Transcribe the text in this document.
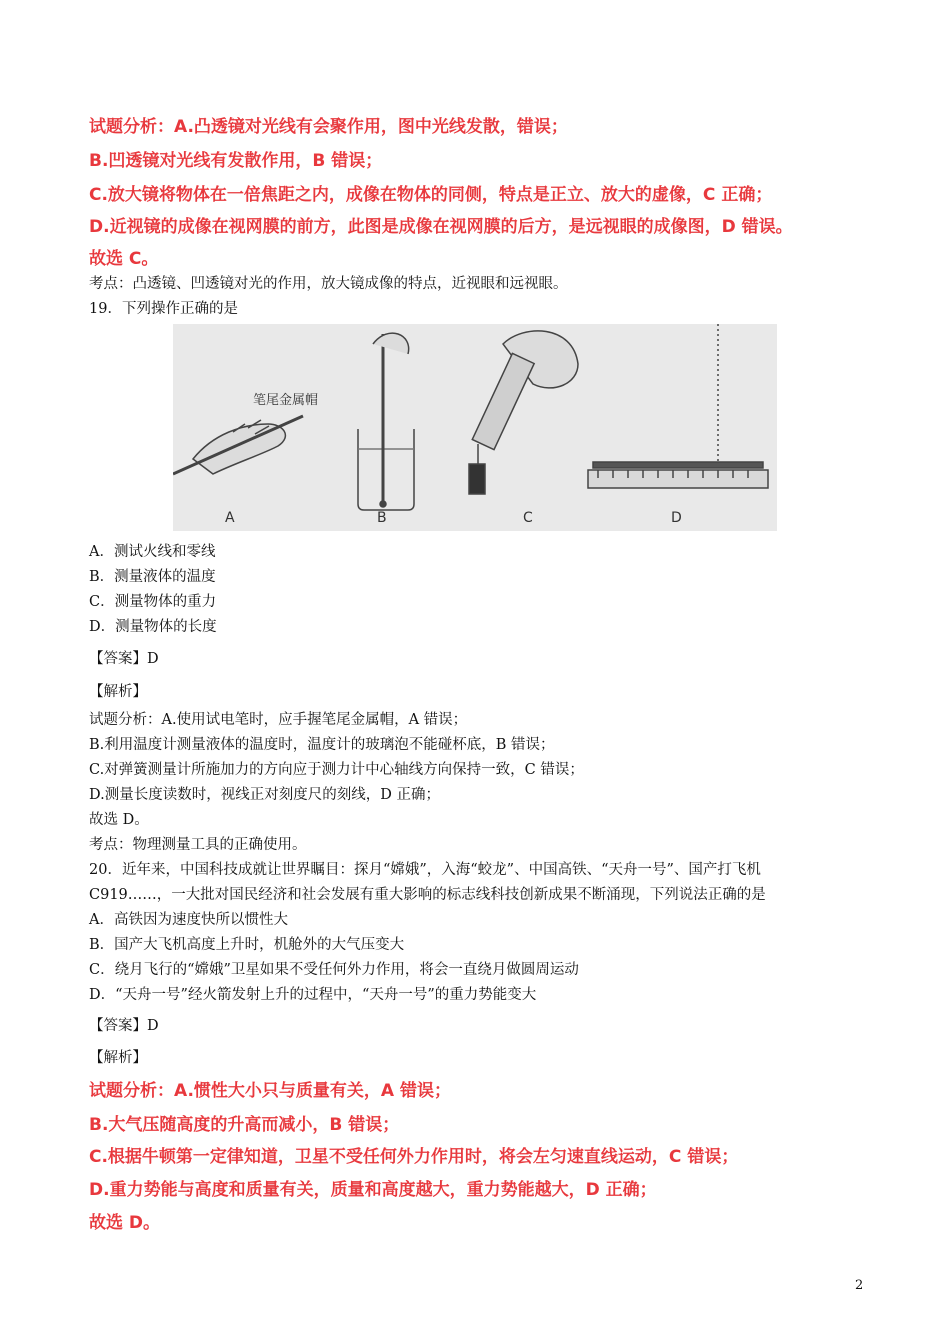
试题分析：A.凸透镜对光线有会聚作用，图中光线发散，错误；
B.凹透镜对光线有发散作用，B 错误；
C.放大镜将物体在一倍焦距之内，成像在物体的同侧，特点是正立、放大的虚像，C 正确；
D.近视镜的成像在视网膜的前方，此图是成像在视网膜的后方，是远视眼的成像图，D 错误。
故选 C。
考点：凸透镜、凹透镜对光的作用，放大镜成像的特点，近视眼和远视眼。
19．下列操作正确的是
笔尾金属帽
A	B	C	D
A．测试火线和零线
B．测量液体的温度
C．测量物体的重力
D．测量物体的长度
【答案】D
【解析】
试题分析：A.使用试电笔时，应手握笔尾金属帽，A 错误；
B.利用温度计测量液体的温度时，温度计的玻璃泡不能碰杯底，B 错误；
C.对弹簧测量计所施加力的方向应于测力计中心轴线方向保持一致，C 错误；
D.测量长度读数时，视线正对刻度尺的刻线，D 正确；
故选 D。
考点：物理测量工具的正确使用。
20．近年来，中国科技成就让世界瞩目：探月“嫦娥”，入海“蛟龙”、中国高铁、“天舟一号”、国产打飞机
C919……，一大批对国民经济和社会发展有重大影响的标志线科技创新成果不断涌现，下列说法正确的是
A．高铁因为速度快所以惯性大
B．国产大飞机高度上升时，机舱外的大气压变大
C．绕月飞行的“嫦娥”卫星如果不受任何外力作用，将会一直绕月做圆周运动
D．“天舟一号”经火箭发射上升的过程中，“天舟一号”的重力势能变大
【答案】D
【解析】
试题分析：A.惯性大小只与质量有关，A 错误；
B.大气压随高度的升高而减小，B 错误；
C.根据牛顿第一定律知道，卫星不受任何外力作用时，将会左匀速直线运动，C 错误；
D.重力势能与高度和质量有关，质量和高度越大，重力势能越大，D 正确；
故选 D。
2
